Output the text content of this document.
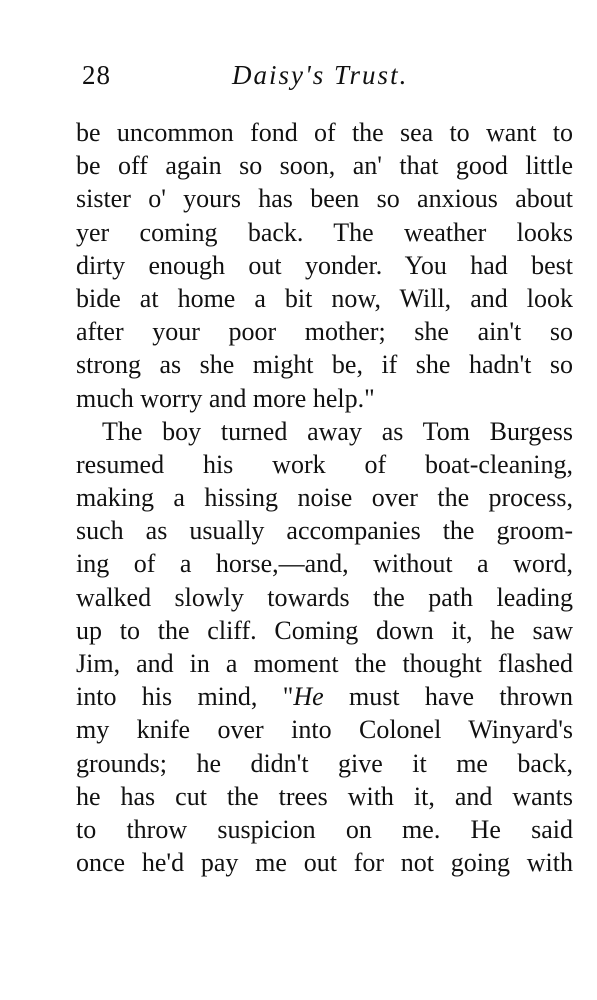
28	Daisy's Trust.
be uncommon fond of the sea to want to
be off again so soon, an' that good little
sister o' yours has been so anxious about
yer coming back. The weather looks
dirty enough out yonder. You had best
bide at home a bit now, Will, and look
after your poor mother; she ain't so
strong as she might be, if she hadn't so
much worry and more help."
The boy turned away as Tom Burgess
resumed his work of boat-cleaning,
making a hissing noise over the process,
such as usually accompanies the groom-
ing of a horse,—and, without a word,
walked slowly towards the path leading
up to the cliff. Coming down it, he saw
Jim, and in a moment the thought flashed
into his mind, "He must have thrown
my knife over into Colonel Winyard's
grounds; he didn't give it me back,
he has cut the trees with it, and wants
to throw suspicion on me. He said
once he'd pay me out for not going with
